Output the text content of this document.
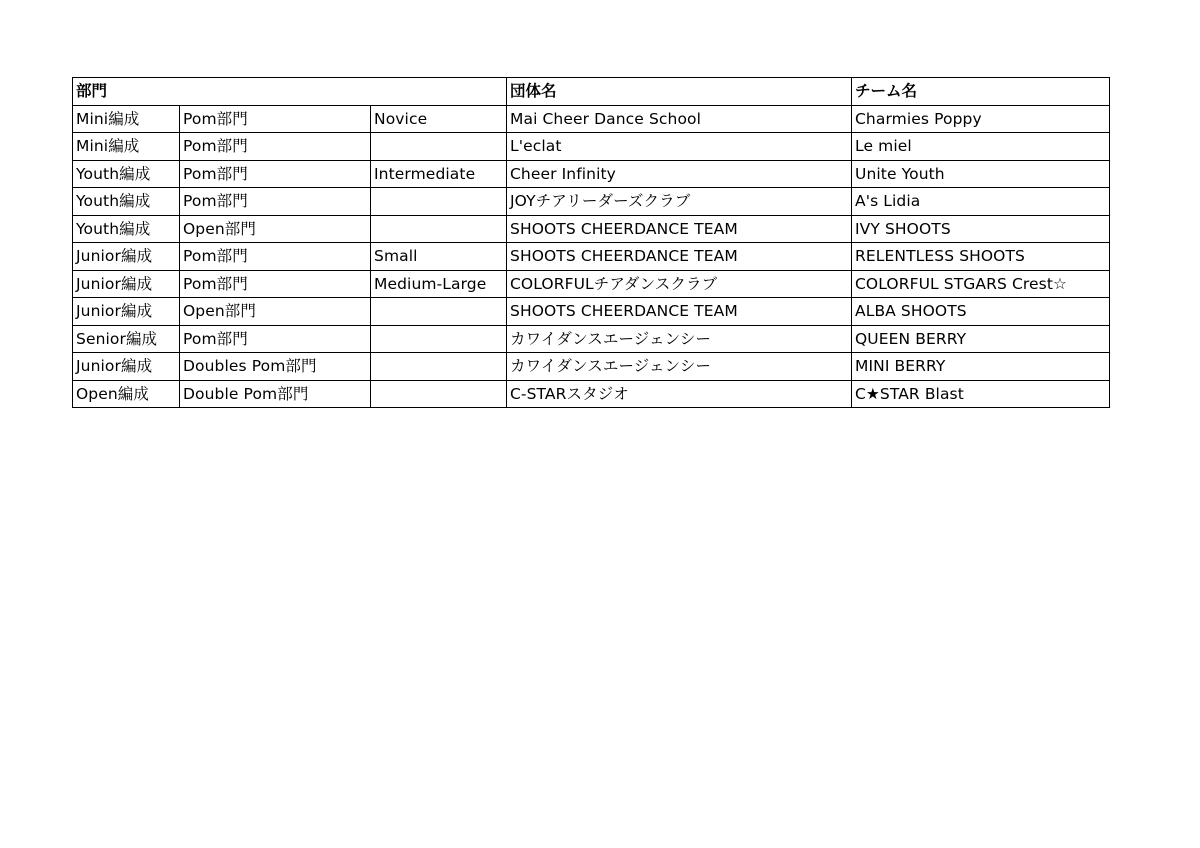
部門			団体名	チーム名
Mini編成	Pom部門	Novice	Mai Cheer Dance School	Charmies Poppy
Mini編成	Pom部門		L'eclat	Le miel
Youth編成	Pom部門	Intermediate	Cheer Infinity	Unite Youth
Youth編成	Pom部門		JOYチアリーダーズクラブ	A's Lidia
Youth編成	Open部門		SHOOTS CHEERDANCE TEAM	IVY SHOOTS
Junior編成	Pom部門	Small	SHOOTS CHEERDANCE TEAM	RELENTLESS SHOOTS
Junior編成	Pom部門	Medium-Large	COLORFULチアダンスクラブ	COLORFUL STGARS Crest☆
Junior編成	Open部門		SHOOTS CHEERDANCE TEAM	ALBA SHOOTS
Senior編成	Pom部門		カワイダンスエージェンシー	QUEEN BERRY
Junior編成	Doubles Pom部門		カワイダンスエージェンシー	MINI BERRY
Open編成	Double Pom部門		C-STARスタジオ	C★STAR Blast
